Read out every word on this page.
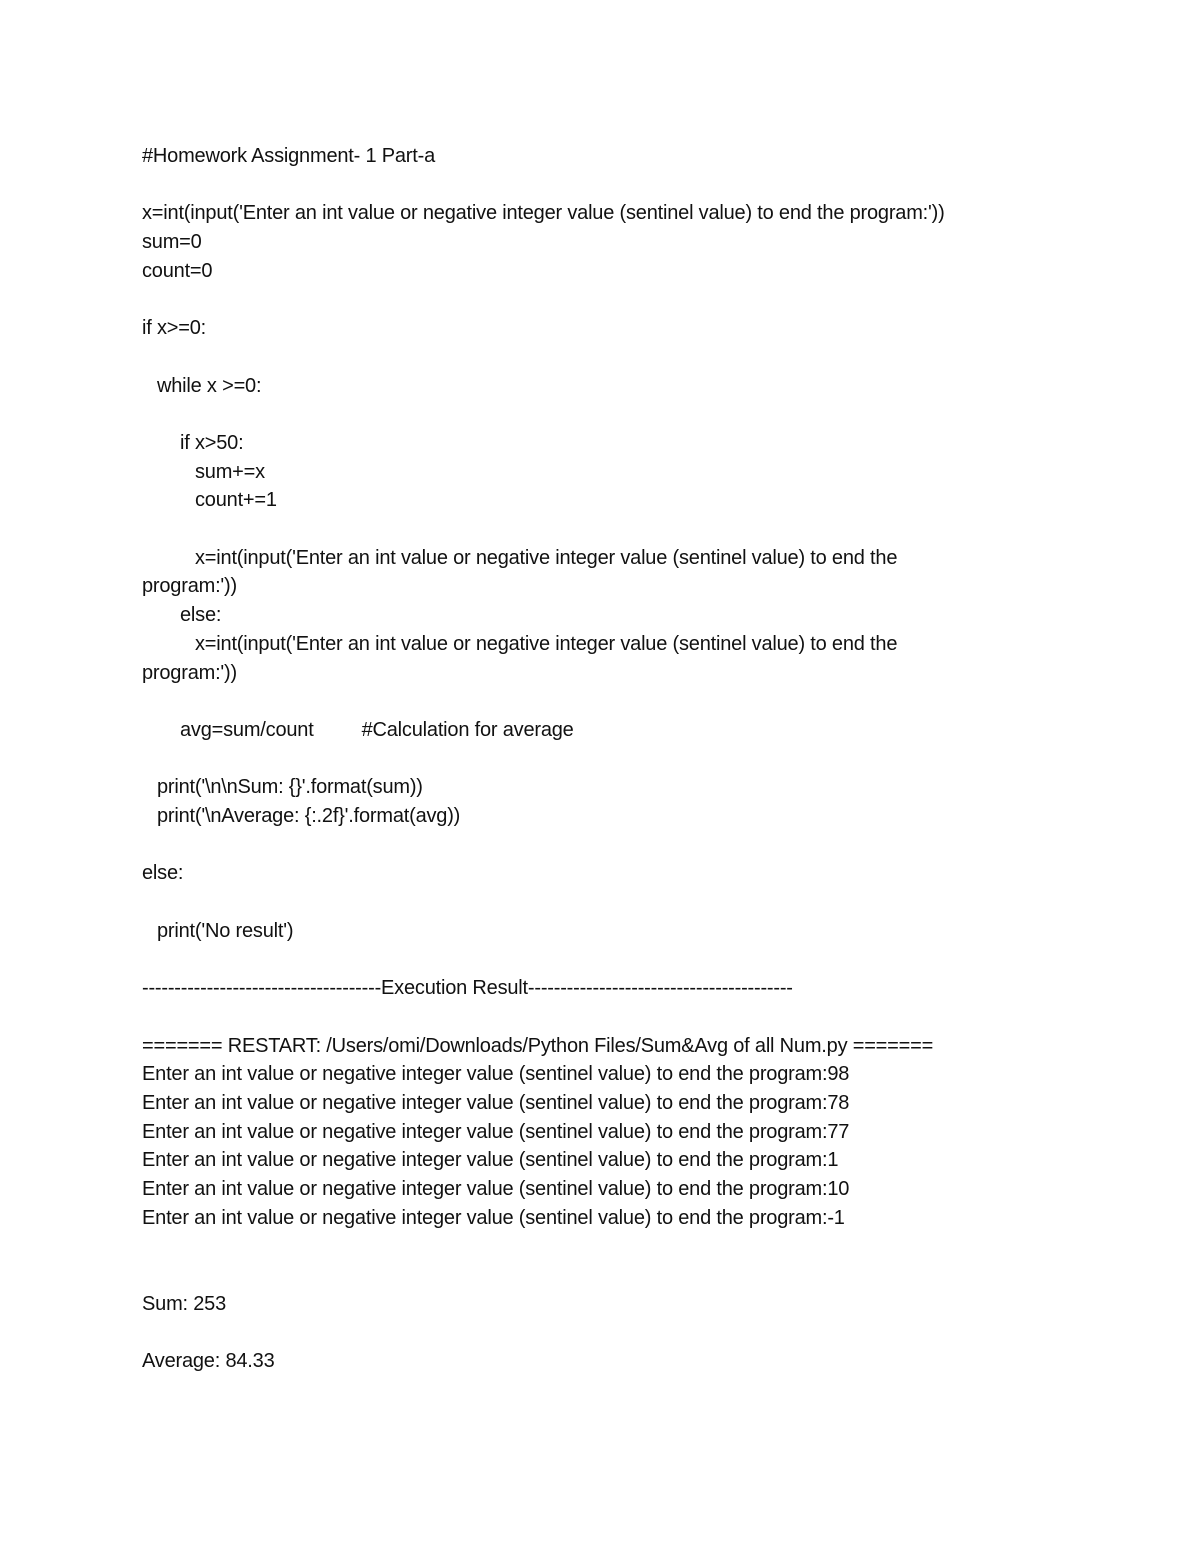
#Homework Assignment- 1 Part-a
x=int(input('Enter an int value or negative integer value (sentinel value) to end the program:'))
sum=0
count=0
if x>=0:
while x >=0:
if x>50:
sum+=x
count+=1
x=int(input('Enter an int value or negative integer value (sentinel value) to end the
program:'))
else:
x=int(input('Enter an int value or negative integer value (sentinel value) to end the
program:'))
avg=sum/count #Calculation for average
print('\n\nSum: {}'.format(sum))
print('\nAverage: {:.2f}'.format(avg))
else:
print('No result')
-------------------------------------Execution Result-----------------------------------------
======= RESTART: /Users/omi/Downloads/Python Files/Sum&Avg of all Num.py =======
Enter an int value or negative integer value (sentinel value) to end the program:98
Enter an int value or negative integer value (sentinel value) to end the program:78
Enter an int value or negative integer value (sentinel value) to end the program:77
Enter an int value or negative integer value (sentinel value) to end the program:1
Enter an int value or negative integer value (sentinel value) to end the program:10
Enter an int value or negative integer value (sentinel value) to end the program:-1
Sum: 253
Average: 84.33
